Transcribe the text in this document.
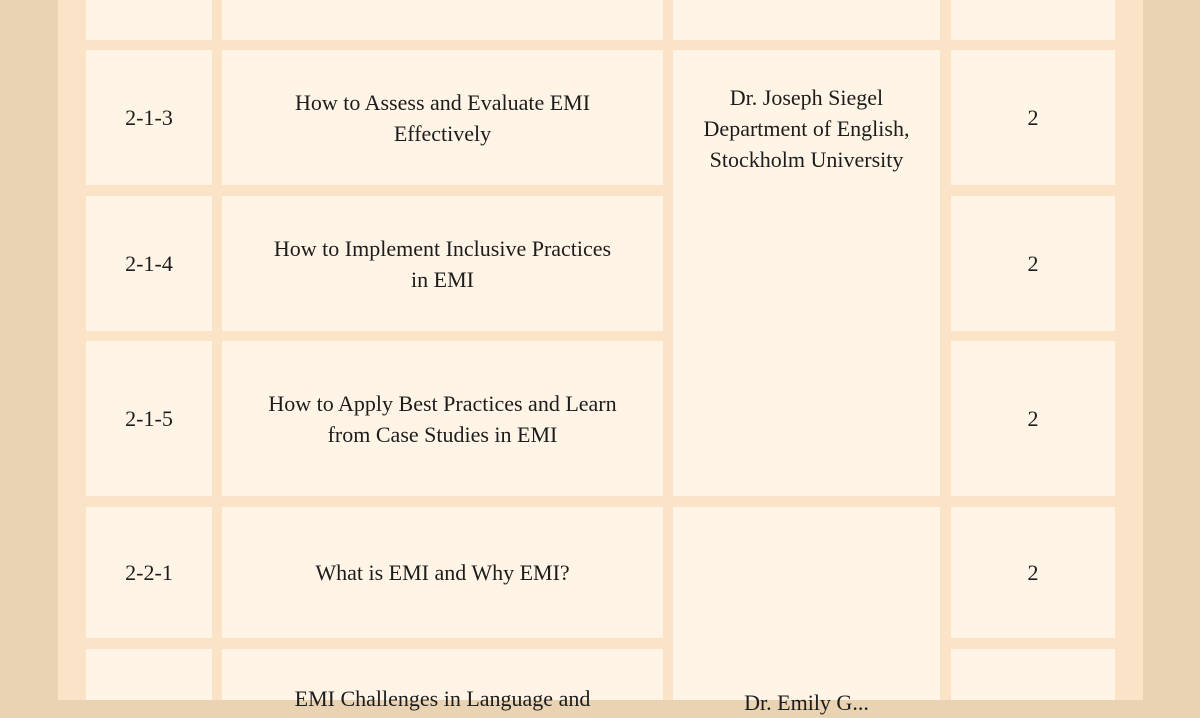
2-1-3
How to Assess and Evaluate EMI
Effectively
2
Dr. Joseph Siegel
Department of English,
Stockholm University
2-1-4
How to Implement Inclusive Practices
in EMI
2
2-1-5
How to Apply Best Practices and Learn
from Case Studies in EMI
2
2-2-1	What is EMI and Why EMI?	2
Dr. Emily G...
EMI Challenges in Language and
